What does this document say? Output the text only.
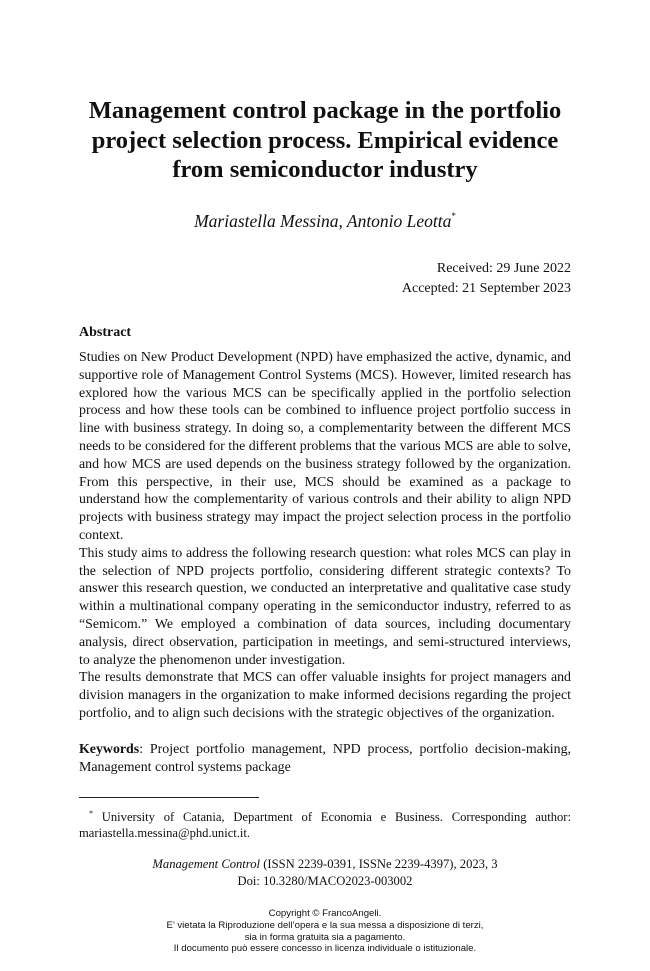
Management control package in the portfolio
project selection process. Empirical evidence
from semiconductor industry
Mariastella Messina, Antonio Leotta*
Received: 29 June 2022
Accepted: 21 September 2023
Abstract

Studies on New Product Development (NPD) have emphasized the active, dynamic, and supportive role of Management Control Systems (MCS). However, limited research has explored how the various MCS can be specifically applied in the portfolio selection process and how these tools can be combined to influence project portfolio success in line with business strategy. In doing so, a complementarity between the different MCS needs to be considered for the different problems that the various MCS are able to solve, and how MCS are used depends on the business strategy followed by the organization. From this perspective, in their use, MCS should be examined as a package to understand how the complementarity of various controls and their ability to align NPD projects with business strategy may impact the project selection process in the portfolio context.

This study aims to address the following research question: what roles MCS can play in the selection of NPD projects portfolio, considering different strategic contexts? To answer this research question, we conducted an interpretative and qualitative case study within a multinational company operating in the semiconductor industry, referred to as “Semicom.” We employed a combination of data sources, including documentary analysis, direct observation, participation in meetings, and semi-structured interviews, to analyze the phenomenon under investigation.

The results demonstrate that MCS can offer valuable insights for project managers and division managers in the organization to make informed decisions regarding the project portfolio, and to align such decisions with the strategic objectives of the organization.

Keywords: Project portfolio management, NPD process, portfolio decision-making, Management control systems package
* University of Catania, Department of Economia e Business. Corresponding author: mariastella.messina@phd.unict.it.
Management Control (ISSN 2239-0391, ISSNe 2239-4397), 2023, 3
Doi: 10.3280/MACO2023-003002
Copyright © FrancoAngeli.
E’ vietata la Riproduzione dell’opera e la sua messa a disposizione di terzi,
sia in forma gratuita sia a pagamento.
Il documento può essere concesso in licenza individuale o istituzionale.
